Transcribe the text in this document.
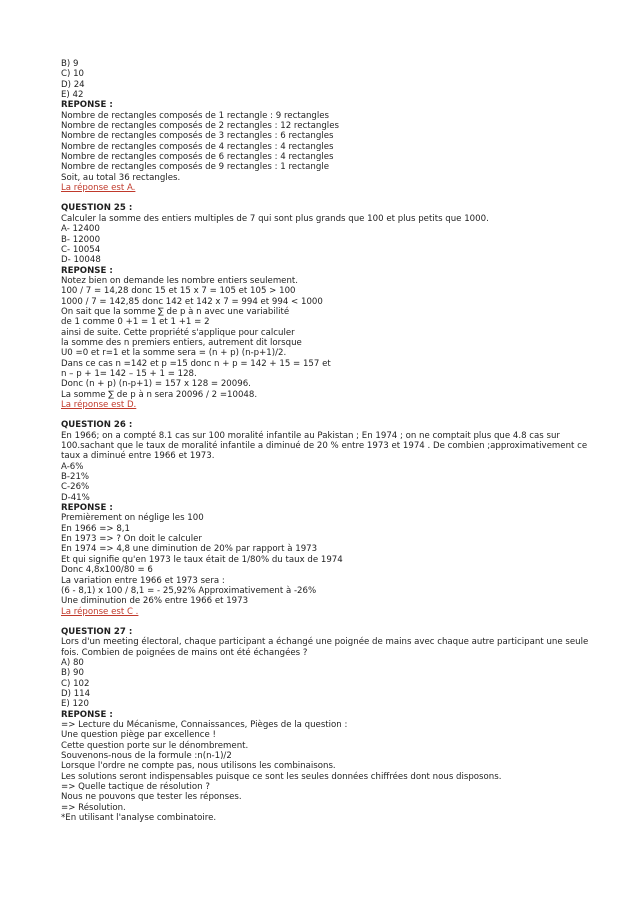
B) 9
C) 10
D) 24
E) 42
REPONSE :
Nombre de rectangles composés de 1 rectangle : 9 rectangles
Nombre de rectangles composés de 2 rectangles : 12 rectangles
Nombre de rectangles composés de 3 rectangles : 6 rectangles
Nombre de rectangles composés de 4 rectangles : 4 rectangles
Nombre de rectangles composés de 6 rectangles : 4 rectangles
Nombre de rectangles composés de 9 rectangles : 1 rectangle
Soit, au total 36 rectangles.
La réponse est A.
QUESTION 25 :
Calculer la somme des entiers multiples de 7 qui sont plus grands que 100 et plus petits que 1000.
A- 12400
B- 12000
C- 10054
D- 10048
REPONSE :
Notez bien on demande les nombre entiers seulement.
100 / 7 = 14,28 donc 15 et 15 x 7 = 105 et 105 > 100
1000 / 7 = 142,85 donc 142 et 142 x 7 = 994 et 994 < 1000
On sait que la somme ∑ de p à n avec une variabilité
de 1 comme 0 +1 = 1 et 1 +1 = 2
ainsi de suite. Cette propriété s'applique pour calculer
la somme des n premiers entiers, autrement dit lorsque
U0 =0 et r=1 et la somme sera = (n + p) (n-p+1)/2.
Dans ce cas n =142 et p =15 donc n + p = 142 + 15 = 157 et
n – p + 1= 142 – 15 + 1 = 128.
Donc (n + p) (n-p+1) = 157 x 128 = 20096.
La somme ∑ de p à n sera 20096 / 2 =10048.
La réponse est D.
QUESTION 26 :
En 1966; on a compté 8.1 cas sur 100 moralité infantile au Pakistan ; En 1974 ; on ne comptait plus que 4.8 cas sur 100.sachant que le taux de moralité infantile a diminué de 20 % entre 1973 et 1974 . De combien ;approximativement ce taux a diminué entre 1966 et 1973.
A-6%
B-21%
C-26%
D-41%
REPONSE :
Premièrement on néglige les 100
En 1966 => 8,1
En 1973 => ? On doit le calculer
En 1974 => 4,8 une diminution de 20% par rapport à 1973
Et qui signifie qu'en 1973 le taux était de 1/80% du taux de 1974
Donc 4,8x100/80 = 6
La variation entre 1966 et 1973 sera :
(6 - 8,1) x 100 / 8,1 = - 25,92% Approximativement à -26%
Une diminution de 26% entre 1966 et 1973
La réponse est C .
QUESTION 27 :
Lors d'un meeting électoral, chaque participant a échangé une poignée de mains avec chaque autre participant une seule fois. Combien de poignées de mains ont été échangées ?
A) 80
B) 90
C) 102
D) 114
E) 120
REPONSE :
=> Lecture du Mécanisme, Connaissances, Pièges de la question :
Une question piège par excellence !
Cette question porte sur le dénombrement.
Souvenons-nous de la formule :n(n-1)/2
Lorsque l'ordre ne compte pas, nous utilisons les combinaisons.
Les solutions seront indispensables puisque ce sont les seules données chiffrées dont nous disposons.
=> Quelle tactique de résolution ?
Nous ne pouvons que tester les réponses.
=> Résolution.
*En utilisant l'analyse combinatoire.
